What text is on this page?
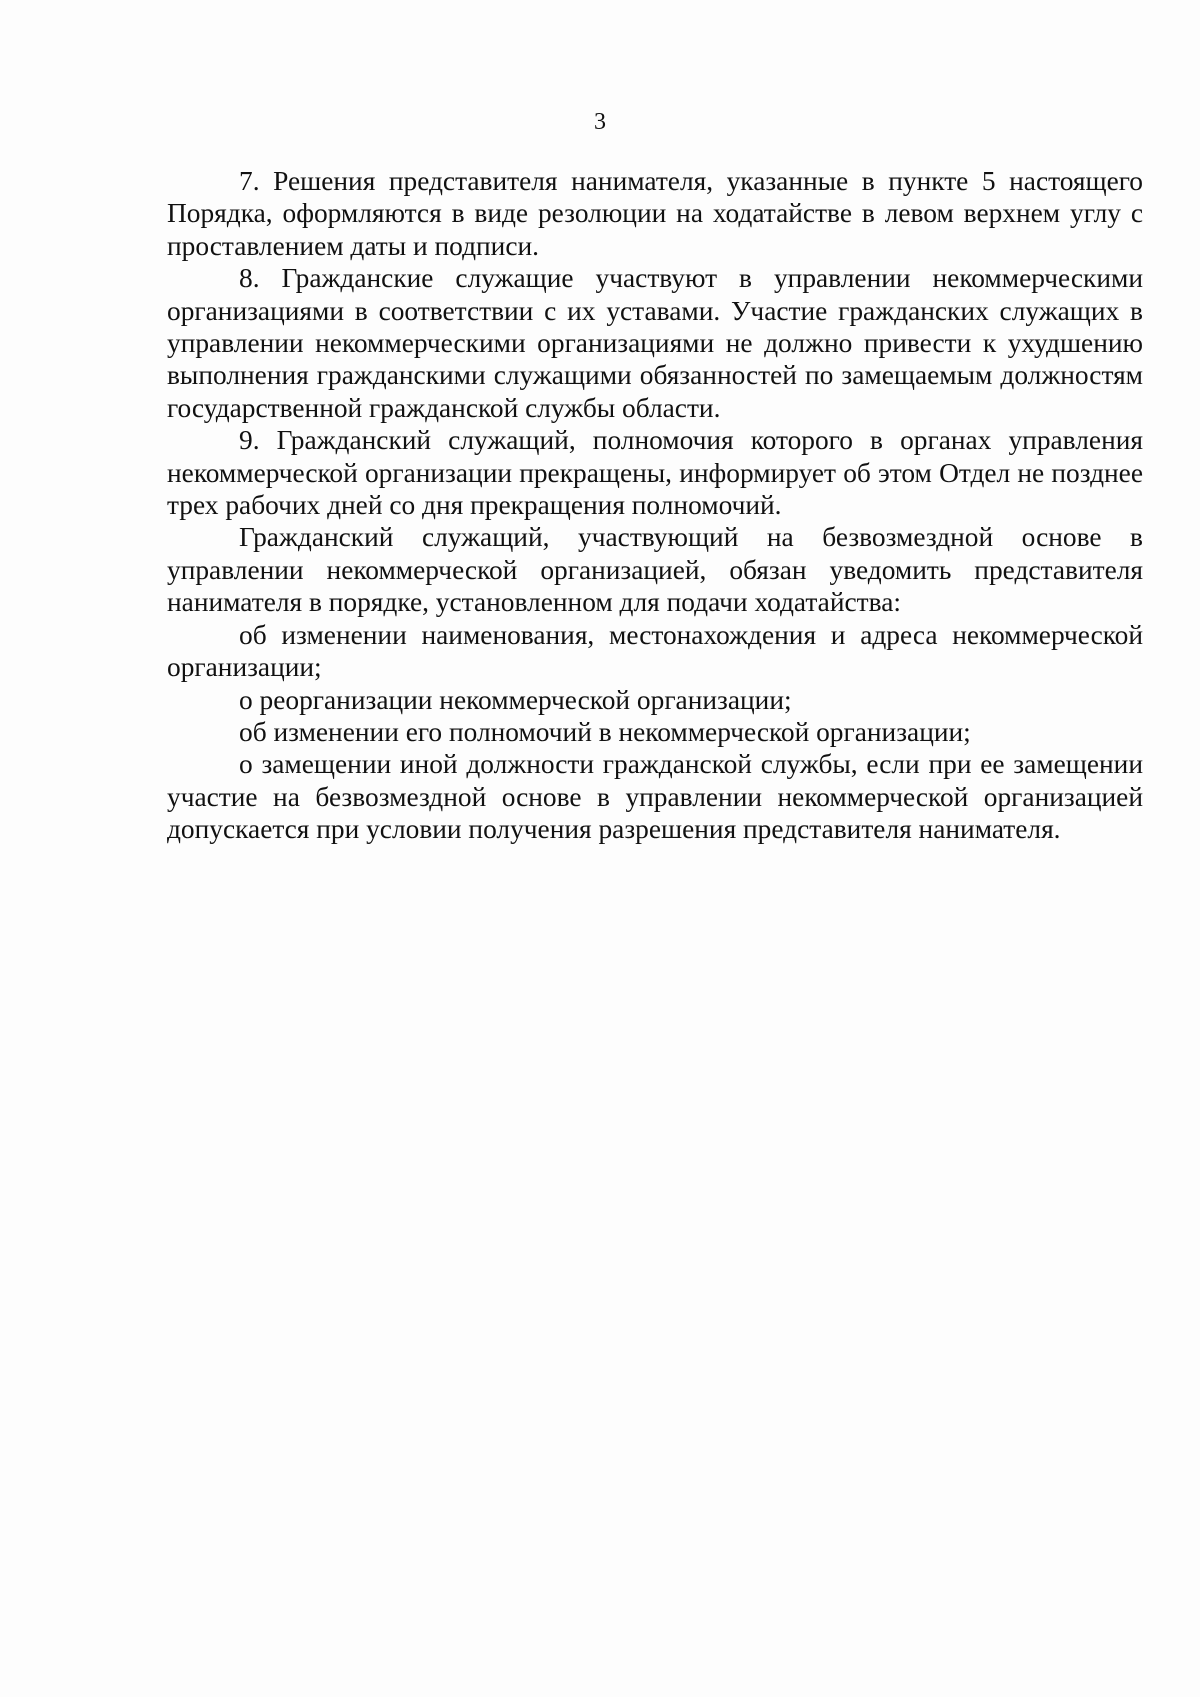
3

7. Решения представителя нанимателя, указанные в пункте 5 настоящего Порядка, оформляются в виде резолюции на ходатайстве в левом верхнем углу с проставлением даты и подписи.

8. Гражданские служащие участвуют в управлении некоммерческими организациями в соответствии с их уставами. Участие гражданских служащих в управлении некоммерческими организациями не должно привести к ухудшению выполнения гражданскими служащими обязанностей по замещаемым должностям государственной гражданской службы области.

9. Гражданский служащий, полномочия которого в органах управления некоммерческой организации прекращены, информирует об этом Отдел не позднее трех рабочих дней со дня прекращения полномочий.

Гражданский служащий, участвующий на безвозмездной основе в управлении некоммерческой организацией, обязан уведомить представителя нанимателя в порядке, установленном для подачи ходатайства:

об изменении наименования, местонахождения и адреса некоммерческой организации;

о реорганизации некоммерческой организации;

об изменении его полномочий в некоммерческой организации;

о замещении иной должности гражданской службы, если при ее замещении участие на безвозмездной основе в управлении некоммерческой организацией допускается при условии получения разрешения представителя нанимателя.
